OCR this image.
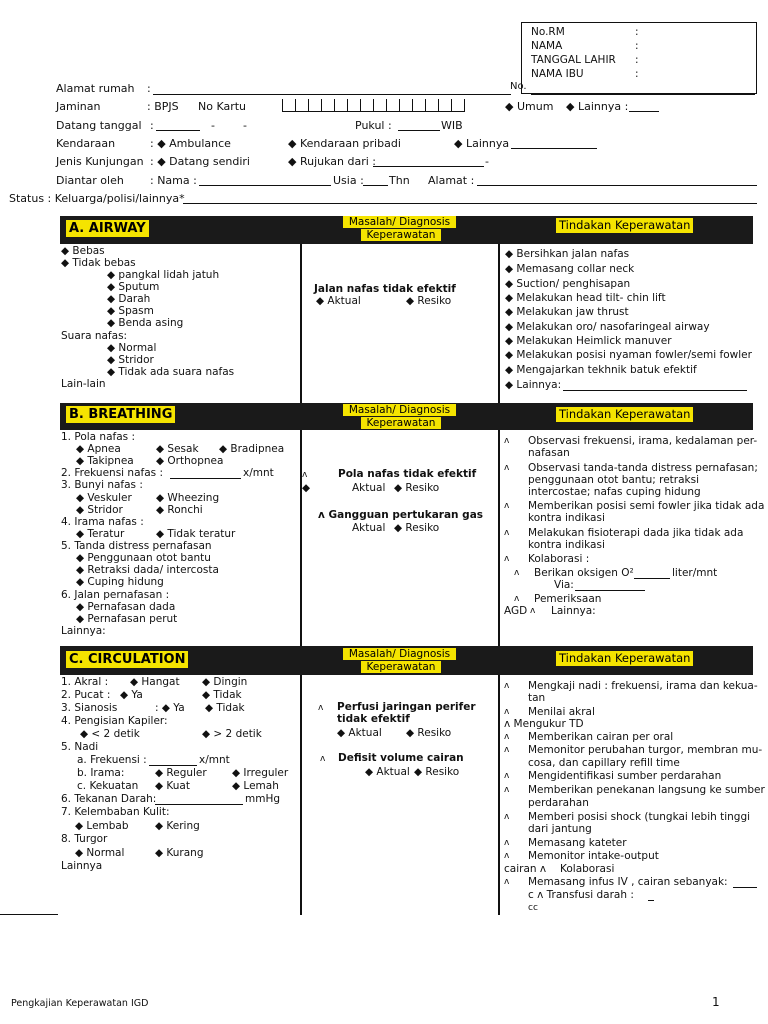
No.RM	:
NAMA	:
TANGGAL LAHIR :
NAMA IBU	:
Alamat rumah :	No.
Jaminan	: BPJS No Kartu	◆ Umum ◆ Lainnya :
Datang tanggal :	-	-	Pukul :	WIB
Kendaraan	: ◆ Ambulance	◆ Kendaraan pribadi	◆ Lainnya
Jenis Kunjungan : ◆ Datang sendiri	◆ Rujukan dari :	-
Diantar oleh : Nama :	Usia : Thn Alamat :
Status : Keluarga/polisi/lainnya*
A. AIRWAY	Masalah/ Diagnosis
Keperawatan
Tindakan Keperawatan
◆ Bebas
◆ Tidak bebas
◆ pangkal lidah jatuh
◆ Sputum
◆ Darah
◆ Spasm
◆ Benda asing
Suara nafas:
◆ Normal
◆ Stridor
◆ Tidak ada suara nafas
Lain-lain
Jalan nafas tidak efektif
◆ Aktual	◆ Resiko
◆ Bersihkan jalan nafas
◆ Memasang collar neck
◆ Suction/ penghisapan
◆ Melakukan head tilt- chin lift
◆ Melakukan jaw thrust
◆ Melakukan oro/ nasofaringeal airway
◆ Melakukan Heimlick manuver
◆ Melakukan posisi nyaman fowler/semi fowler
◆ Mengajarkan tekhnik batuk efektif
◆ Lainnya:
B. BREATHING	Masalah/ Diagnosis
Keperawatan
Tindakan Keperawatan
1. Pola nafas :
◆ Apnea	◆ Sesak ◆ Bradipnea
◆ Takipnea ◆ Orthopnea
2. Frekuensi nafas :	x/mnt
3. Bunyi nafas :
◆ Veskuler ◆ Wheezing
◆ Stridor	◆ Ronchi
4. Irama nafas :
◆ Teratur	◆ Tidak teratur
5. Tanda distress pernafasan
◆ Penggunaan otot bantu
◆ Retraksi dada/ intercosta
◆ Cuping hidung
6. Jalan pernafasan :
◆ Pernafasan dada
◆ Pernafasan perut
Lainnya:
ʌ	Pola nafas tidak efektif
◆	Aktual ◆ Resiko
ʌ Gangguan pertukaran gas
Aktual ◆ Resiko
ʌ Observasi frekuensi, irama, kedalaman per-
nafasan
ʌ Observasi tanda-tanda distress pernafasan;
penggunaan otot bantu; retraksi
intercostae; nafas cuping hidung
ʌ Memberikan posisi semi fowler jika tidak ada
kontra indikasi
ʌ Melakukan fisioterapi dada jika tidak ada
kontra indikasi
ʌ Kolaborasi :
ʌ Berikan oksigen O²	liter/mnt
Via:
ʌ Pemeriksaan
AGD ʌ Lainnya:
C. CIRCULATION	Masalah/ Diagnosis
Keperawatan
Tindakan Keperawatan
1. Akral : ◆ Hangat ◆ Dingin
2. Pucat : ◆ Ya	◆ Tidak
3. Sianosis	: ◆ Ya ◆ Tidak
4. Pengisian Kapiler:
◆ < 2 detik	◆ > 2 detik
5. Nadi
a. Frekuensi :	x/mnt
b. Irama:	◆ Reguler ◆ Irreguler
c. Kekuatan ◆ Kuat	◆ Lemah
6. Tekanan Darah:	mmHg
7. Kelembaban Kulit:
◆ Lembab	◆ Kering
8. Turgor
◆ Normal	◆ Kurang
Lainnya
ʌ Perfusi jaringan perifer
tidak efektif
◆ Aktual ◆ Resiko
ʌ Defisit volume cairan
◆ Aktual ◆ Resiko
ʌ Mengkaji nadi : frekuensi, irama dan kekua-
tan
ʌ Menilai akral
ʌ Mengukur TD
ʌ Memberikan cairan per oral
ʌ Memonitor perubahan turgor, membran mu-
cosa, dan capillary refill time
ʌ Mengidentifikasi sumber perdarahan
ʌ Memberikan penekanan langsung ke sumber
perdarahan
ʌ Memberi posisi shock (tungkai lebih tinggi
dari jantung
ʌ Memasang kateter
ʌ Memonitor intake-output
cairan ʌ Kolaborasi
ʌ Memasang infus IV , cairan sebanyak:
c ʌ Transfusi darah :
cc
Pengkajian Keperawatan IGD	1
